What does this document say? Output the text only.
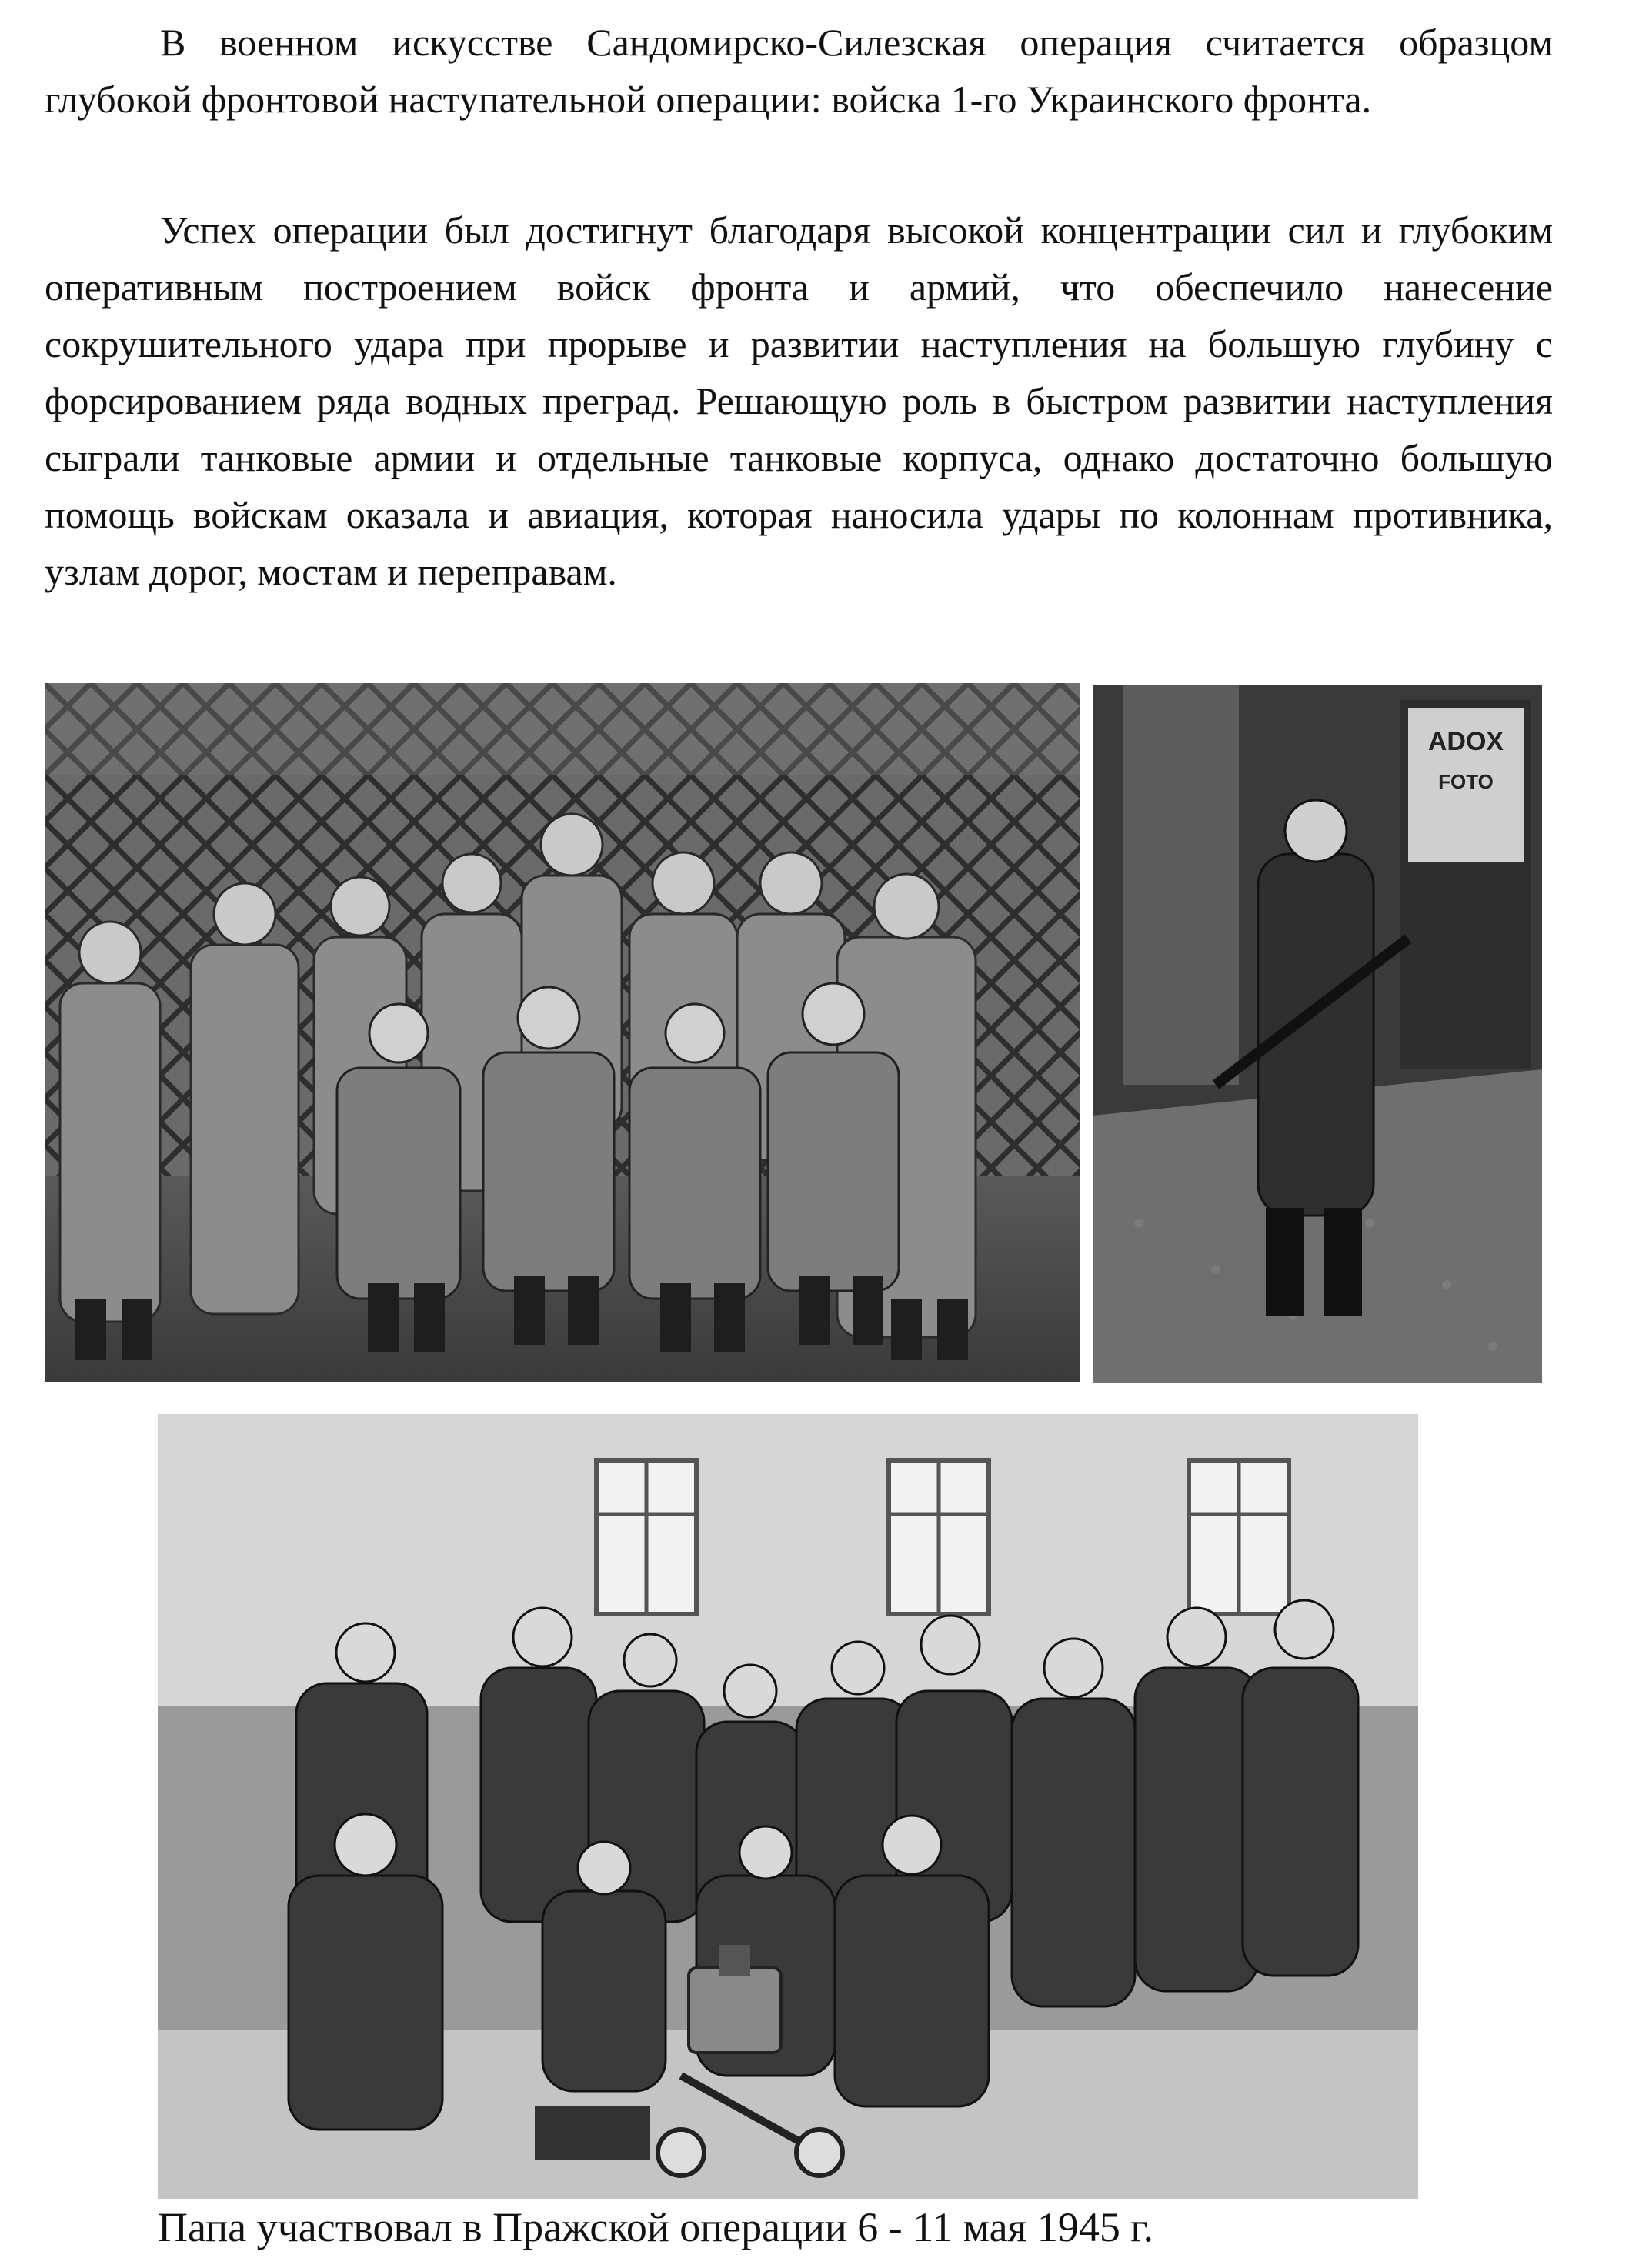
В военном искусстве Сандомирско-Силезская операция считается образцом глубокой фронтовой наступательной операции: войска 1-го Украинского фронта.

Успех операции был достигнут благодаря высокой концентрации сил и глубоким оперативным построением войск фронта и армий, что обеспечило нанесение сокрушительного удара при прорыве и развитии наступления на большую глубину с форсированием ряда водных преград. Решающую роль в быстром развитии наступления сыграли танковые армии и отдельные танковые корпуса, однако достаточно большую помощь войскам оказала и авиация, которая наносила удары по колоннам противника, узлам дорог, мостам и переправам.

ADOX
FOTO

Папа участвовал в Пражской операции 6 - 11 мая 1945 г.
